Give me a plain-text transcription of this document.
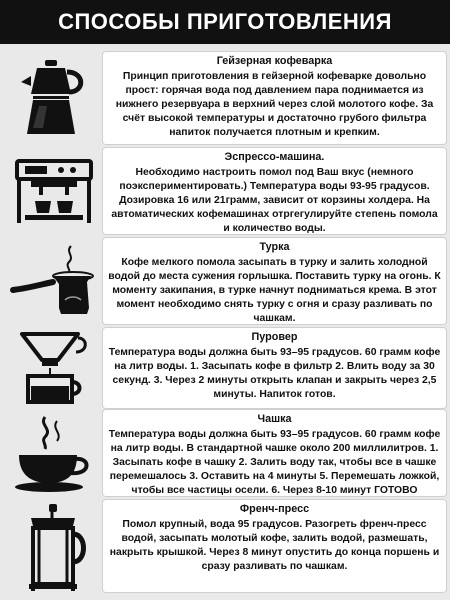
СПОСОБЫ ПРИГОТОВЛЕНИЯ
Гейзерная кофеварка
Принцип приготовления в гейзерной кофеварке довольно прост: горячая вода под давлением пара поднимается из нижнего резервуара в верхний через слой молотого кофе. За счёт высокой температуры и достаточно грубого фильтра напиток получается плотным и крепким.
Эспрессо-машина.
Необходимо настроить помол под Ваш вкус (немного поэкспериментировать.) Температура воды 93-95 градусов. Дозировка 16 или 21грамм, зависит от корзины холдера. На автоматических кофемашинах отргегулируйте степень помола и количество воды.
Турка
Кофе мелкого помола засыпать в турку и залить холодной водой до места сужения горлышка. Поставить турку на огонь. К моменту закипания, в турке начнут подниматься крема. В этот момент необходимо снять турку с огня и сразу разливать по чашкам.
Пуровер
Температура воды должна быть 93–95 градусов. 60 грамм кофе на литр воды. 1. Засыпать кофе в фильтр 2. Влить воду за 30 секунд. 3. Через 2 минуты открыть клапан и закрыть через 2,5 минуты. Напиток готов.
Чашка
Температура воды должна быть 93–95 градусов. 60 грамм кофе на литр воды. В стандартной чашке около 200 миллилитров. 1. Засыпать кофе в чашку 2. Залить воду так, чтобы все в чашке перемешалось 3. Оставить на 4 минуты 5. Перемешать ложкой, чтобы все частицы осели. 6. Через 8-10 минут ГОТОВО
Френч-пресс
Помол крупный, вода 95 градусов. Разогреть френч-пресс водой, засыпать молотый кофе, залить водой, размешать, накрыть крышкой. Через 8 минут опустить до конца поршень и сразу разливать по чашкам.
